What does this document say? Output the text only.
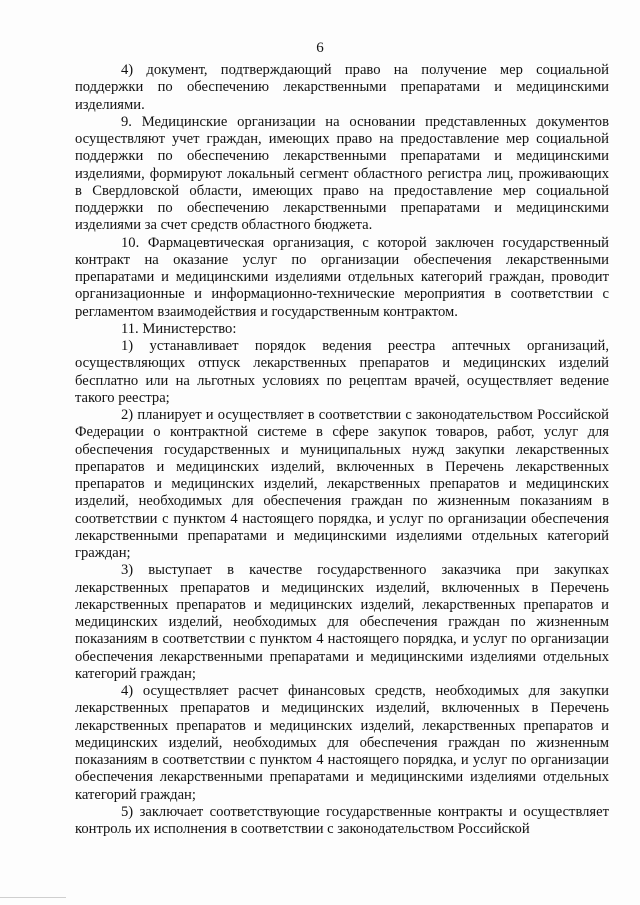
6

4) документ, подтверждающий право на получение мер социальной поддержки по обеспечению лекарственными препаратами и медицинскими изделиями.

9. Медицинские организации на основании представленных документов осуществляют учет граждан, имеющих право на предоставление мер социальной поддержки по обеспечению лекарственными препаратами и медицинскими изделиями, формируют локальный сегмент областного регистра лиц, проживающих в Свердловской области, имеющих право на предоставление мер социальной поддержки по обеспечению лекарственными препаратами и медицинскими изделиями за счет средств областного бюджета.

10. Фармацевтическая организация, с которой заключен государственный контракт на оказание услуг по организации обеспечения лекарственными препаратами и медицинскими изделиями отдельных категорий граждан, проводит организационные и информационно-технические мероприятия в соответствии с регламентом взаимодействия и государственным контрактом.

11. Министерство:

1) устанавливает порядок ведения реестра аптечных организаций, осуществляющих отпуск лекарственных препаратов и медицинских изделий бесплатно или на льготных условиях по рецептам врачей, осуществляет ведение такого реестра;

2) планирует и осуществляет в соответствии с законодательством Российской Федерации о контрактной системе в сфере закупок товаров, работ, услуг для обеспечения государственных и муниципальных нужд закупки лекарственных препаратов и медицинских изделий, включенных в Перечень лекарственных препаратов и медицинских изделий, лекарственных препаратов и медицинских изделий, необходимых для обеспечения граждан по жизненным показаниям в соответствии с пунктом 4 настоящего порядка, и услуг по организации обеспечения лекарственными препаратами и медицинскими изделиями отдельных категорий граждан;

3) выступает в качестве государственного заказчика при закупках лекарственных препаратов и медицинских изделий, включенных в Перечень лекарственных препаратов и медицинских изделий, лекарственных препаратов и медицинских изделий, необходимых для обеспечения граждан по жизненным показаниям в соответствии с пунктом 4 настоящего порядка, и услуг по организации обеспечения лекарственными препаратами и медицинскими изделиями отдельных категорий граждан;

4) осуществляет расчет финансовых средств, необходимых для закупки лекарственных препаратов и медицинских изделий, включенных в Перечень лекарственных препаратов и медицинских изделий, лекарственных препаратов и медицинских изделий, необходимых для обеспечения граждан по жизненным показаниям в соответствии с пунктом 4 настоящего порядка, и услуг по организации обеспечения лекарственными препаратами и медицинскими изделиями отдельных категорий граждан;

5) заключает соответствующие государственные контракты и осуществляет контроль их исполнения в соответствии с законодательством Российской
